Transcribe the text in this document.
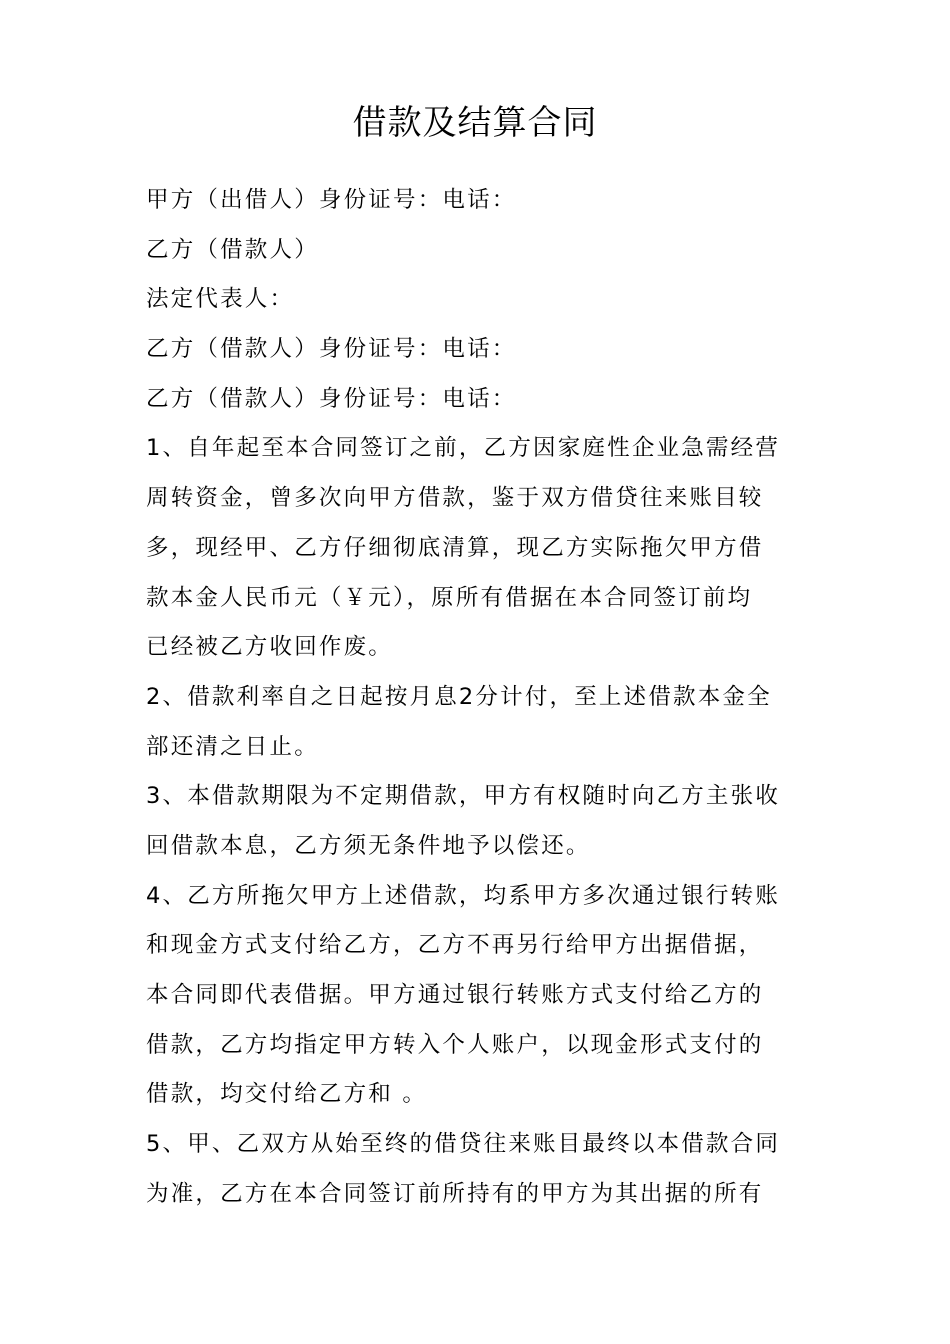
借款及结算合同
甲方（出借人）身份证号：电话：
乙方（借款人）
法定代表人：
乙方（借款人）身份证号：电话：
乙方（借款人）身份证号：电话：
1、自年起至本合同签订之前，乙方因家庭性企业急需经营
周转资金，曾多次向甲方借款，鉴于双方借贷往来账目较
多，现经甲、乙方仔细彻底清算，现乙方实际拖欠甲方借
款本金人民币元（￥元），原所有借据在本合同签订前均
已经被乙方收回作废。
2、借款利率自之日起按月息2分计付，至上述借款本金全
部还清之日止。
3、本借款期限为不定期借款，甲方有权随时向乙方主张收
回借款本息，乙方须无条件地予以偿还。
4、乙方所拖欠甲方上述借款，均系甲方多次通过银行转账
和现金方式支付给乙方，乙方不再另行给甲方出据借据，
本合同即代表借据。甲方通过银行转账方式支付给乙方的
借款，乙方均指定甲方转入个人账户，以现金形式支付的
借款，均交付给乙方和 。
5、甲、乙双方从始至终的借贷往来账目最终以本借款合同
为准，乙方在本合同签订前所持有的甲方为其出据的所有
